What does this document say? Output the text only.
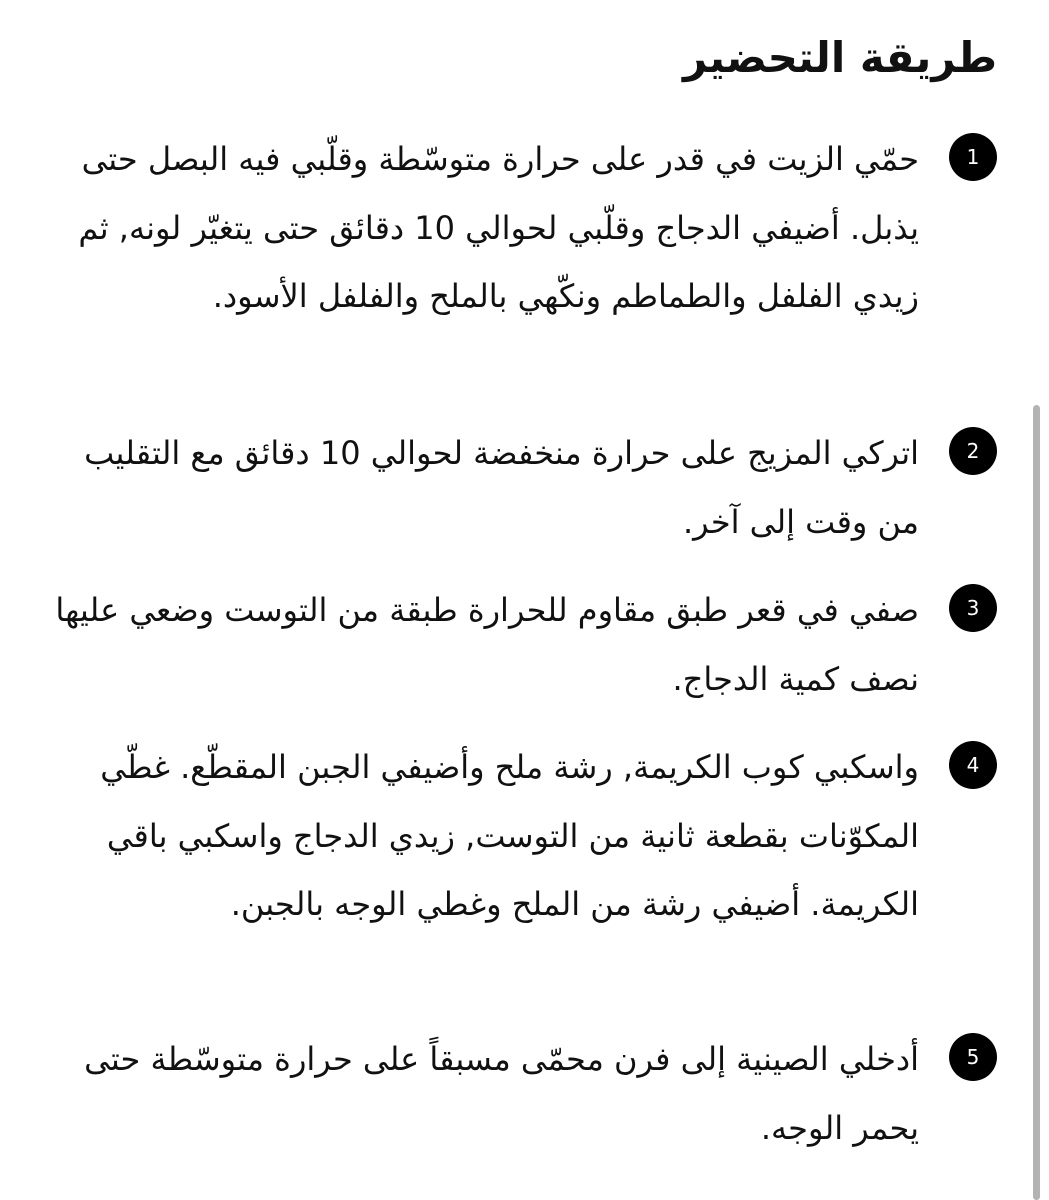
طريقة التحضير
1

حمّي الزيت في قدر على حرارة متوسّطة وقلّبي فيه البصل حتى يذبل. أضيفي الدجاج وقلّبي لحوالي 10 دقائق حتى يتغيّر لونه, ثم زيدي الفلفل والطماطم ونكّهي بالملح والفلفل الأسود.

2

اتركي المزيج على حرارة منخفضة لحوالي 10 دقائق مع التقليب من وقت إلى آخر.

3

صفي في قعر طبق مقاوم للحرارة طبقة من التوست وضعي عليها نصف كمية الدجاج.

4

واسكبي كوب الكريمة, رشة ملح وأضيفي الجبن المقطّع. غطّي المكوّنات بقطعة ثانية من التوست, زيدي الدجاج واسكبي باقي الكريمة. أضيفي رشة من الملح وغطي الوجه بالجبن.

5

أدخلي الصينية إلى فرن محمّى مسبقاً على حرارة متوسّطة حتى يحمر الوجه.
